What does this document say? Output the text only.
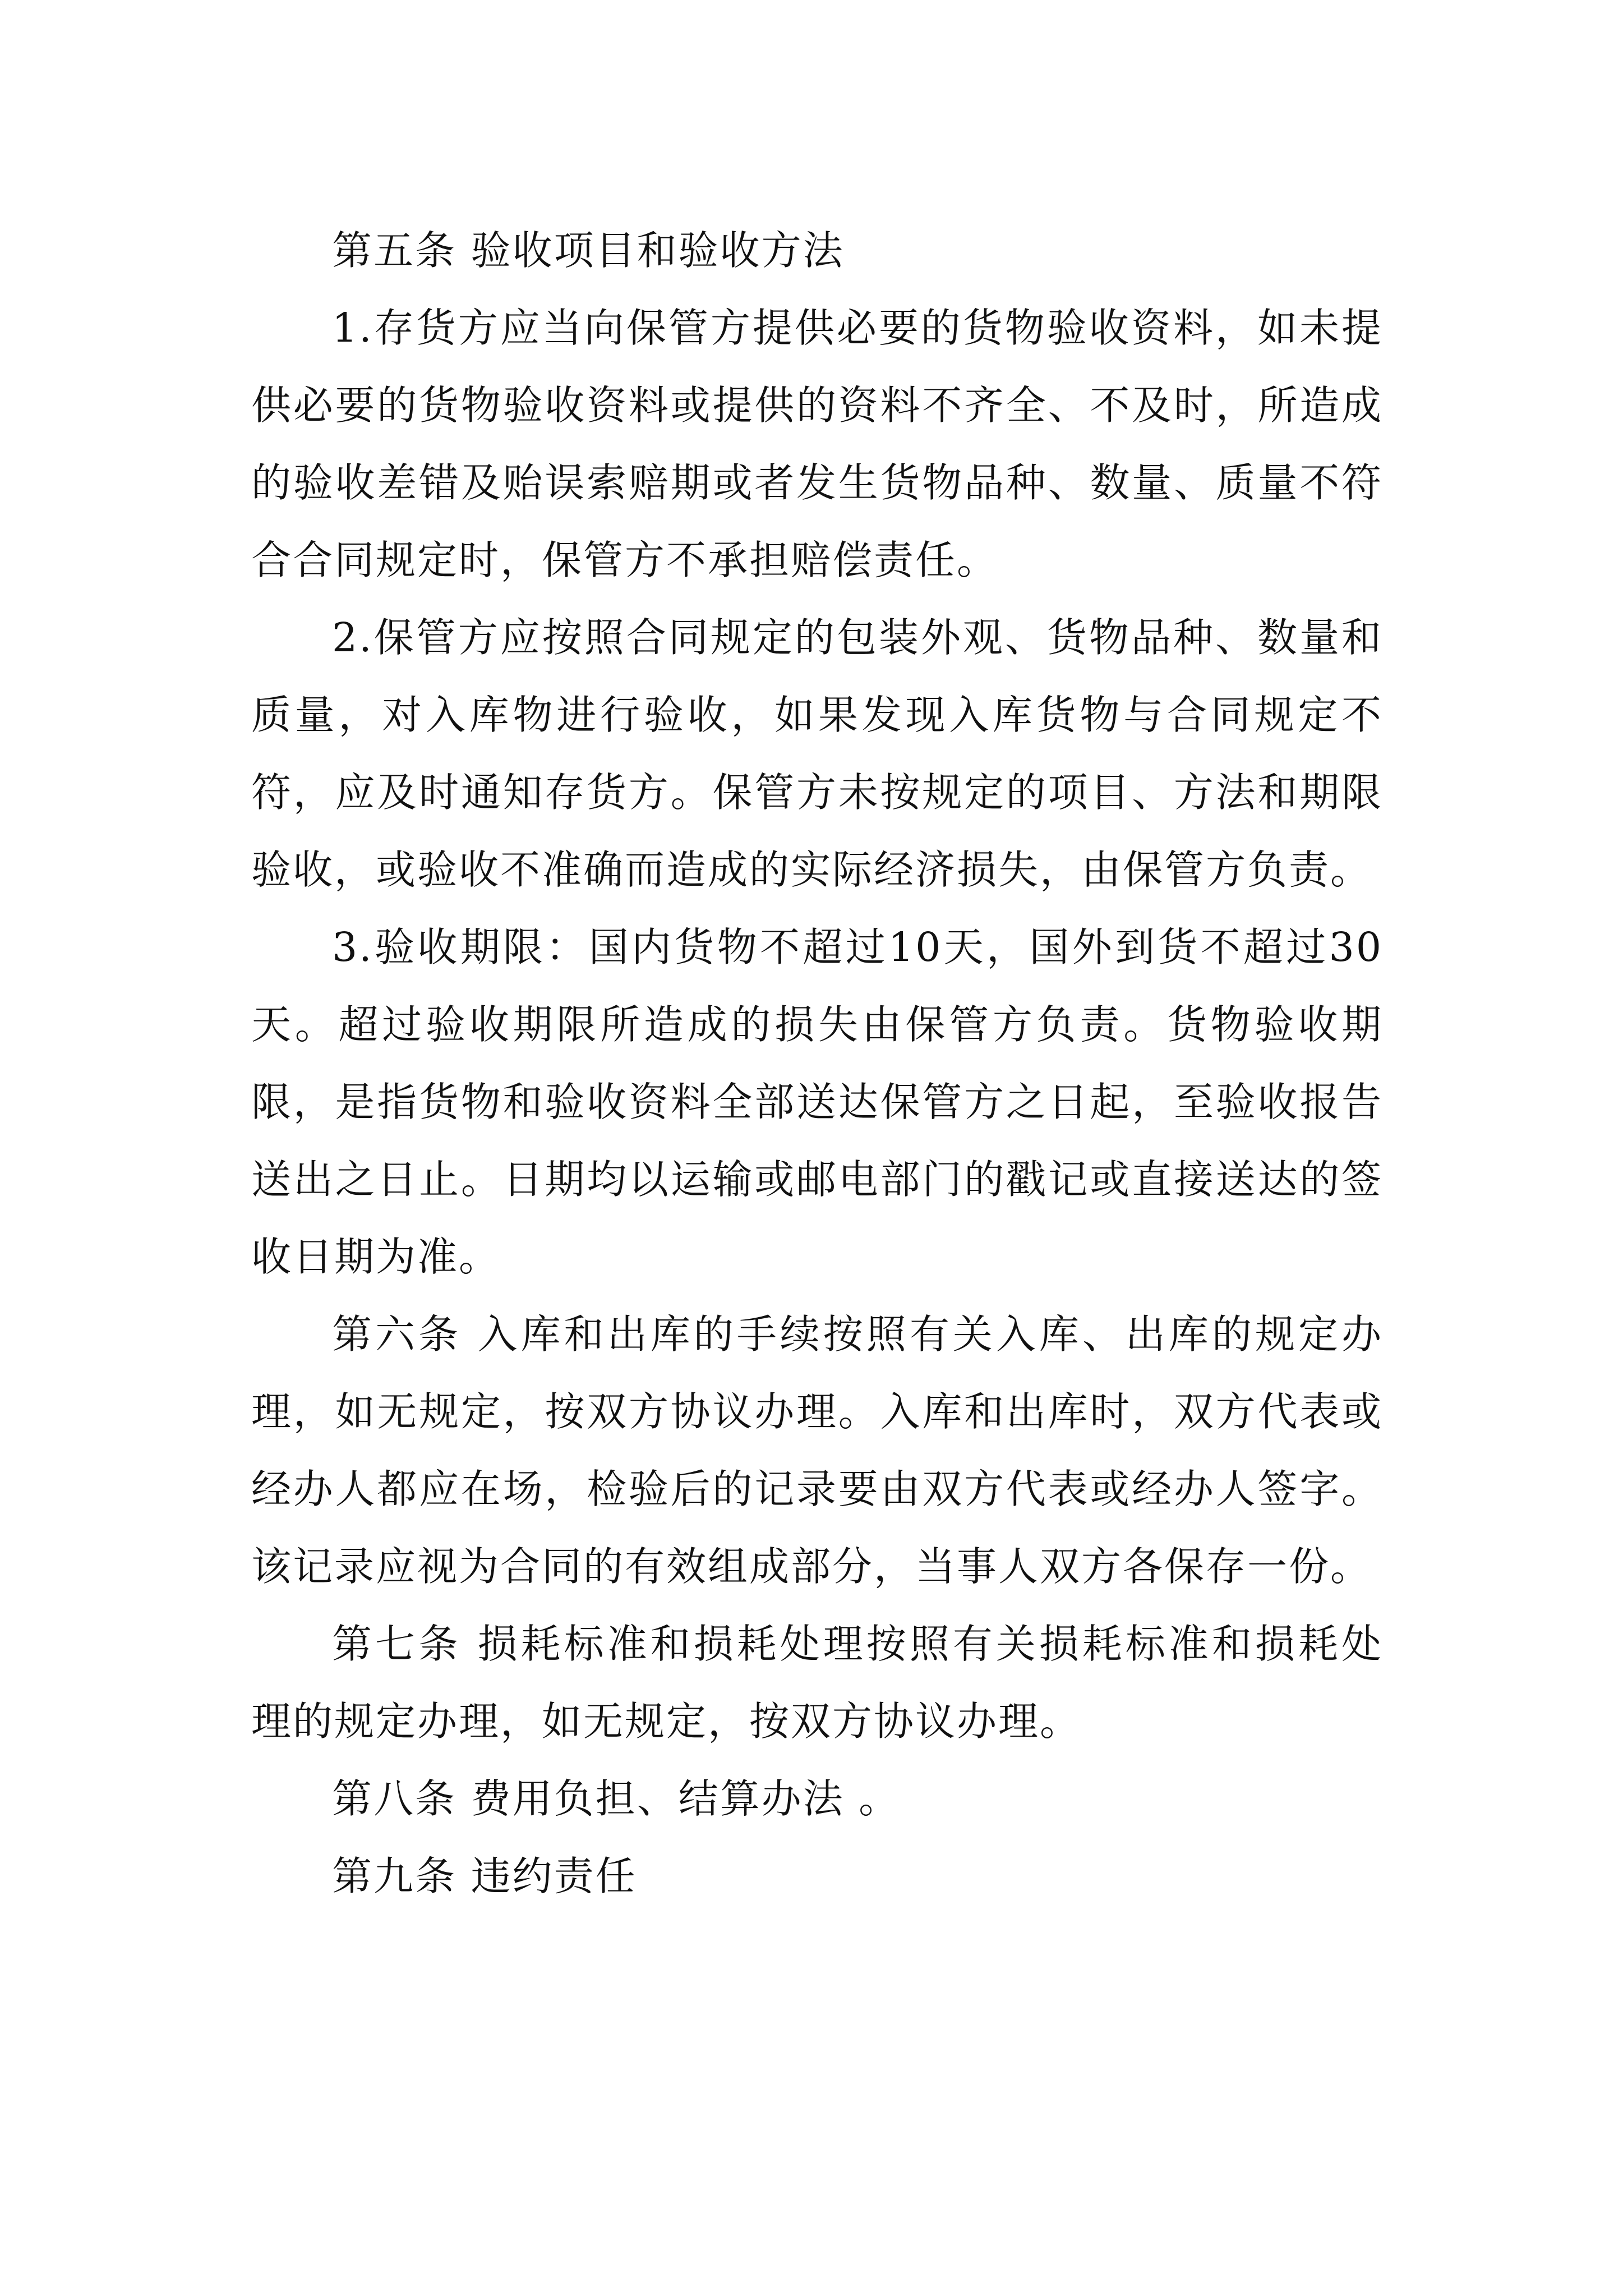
第五条 验收项目和验收方法

1.存货方应当向保管方提供必要的货物验收资料，如未提供必要的货物验收资料或提供的资料不齐全、不及时，所造成的验收差错及贻误索赔期或者发生货物品种、数量、质量不符合合同规定时，保管方不承担赔偿责任。

2.保管方应按照合同规定的包装外观、货物品种、数量和质量，对入库物进行验收，如果发现入库货物与合同规定不符，应及时通知存货方。保管方未按规定的项目、方法和期限验收，或验收不准确而造成的实际经济损失，由保管方负责。

3.验收期限：国内货物不超过10天，国外到货不超过30天。超过验收期限所造成的损失由保管方负责。货物验收期限，是指货物和验收资料全部送达保管方之日起，至验收报告送出之日止。日期均以运输或邮电部门的戳记或直接送达的签收日期为准。

第六条 入库和出库的手续按照有关入库、出库的规定办理，如无规定，按双方协议办理。入库和出库时，双方代表或经办人都应在场，检验后的记录要由双方代表或经办人签字。该记录应视为合同的有效组成部分，当事人双方各保存一份。

第七条 损耗标准和损耗处理按照有关损耗标准和损耗处理的规定办理，如无规定，按双方协议办理。

第八条 费用负担、结算办法 。

第九条 违约责任
